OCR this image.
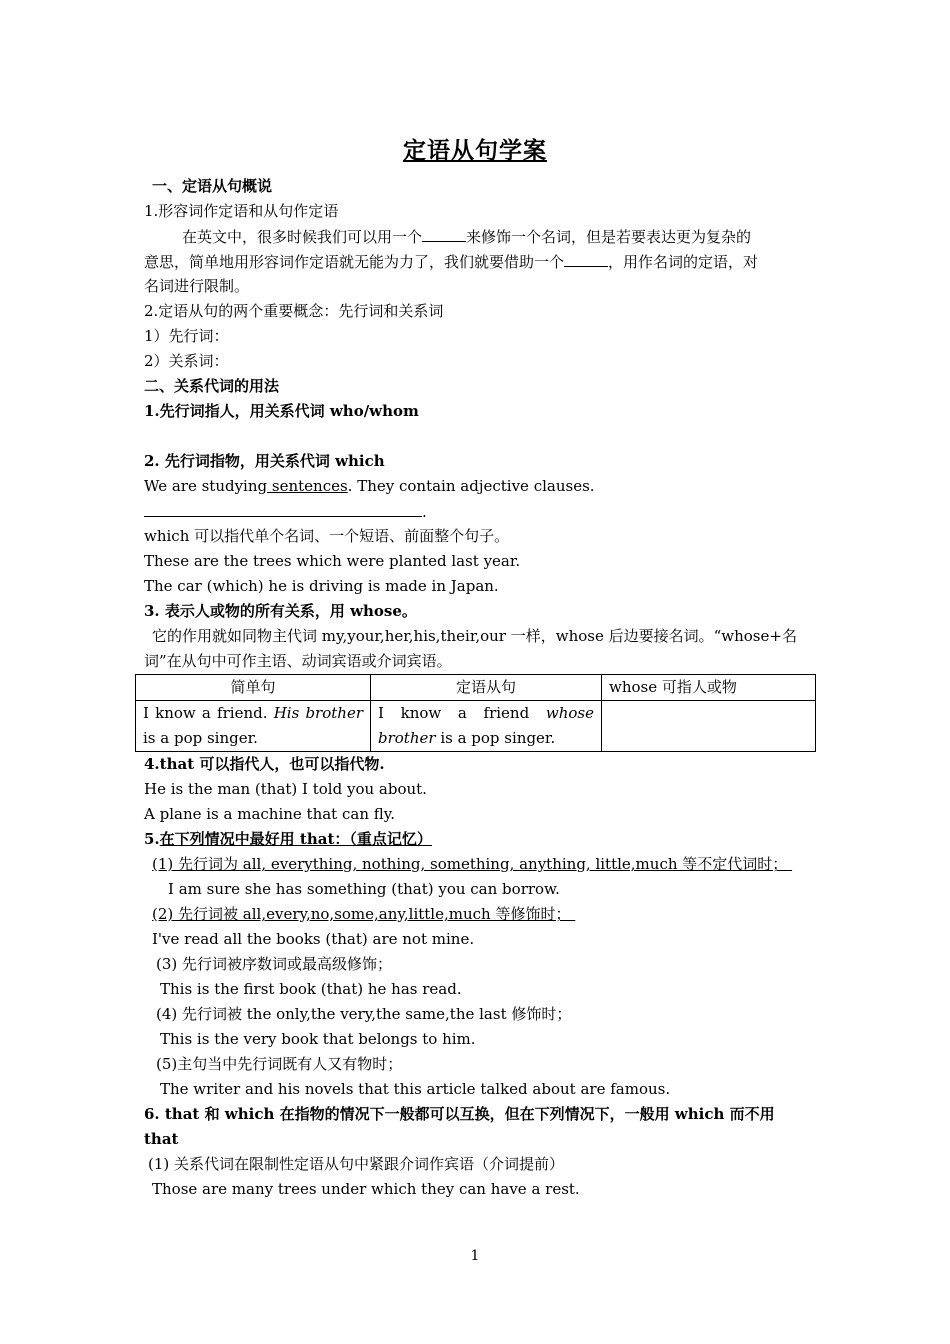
定语从句学案
一、定语从句概说
1.形容词作定语和从句作定语
在英文中，很多时候我们可以用一个	来修饰一个名词，但是若要表达更为复杂的
意思，简单地用形容词作定语就无能为力了，我们就要借助一个	，用作名词的定语，对
名词进行限制。
2.定语从句的两个重要概念：先行词和关系词
1）先行词：
2）关系词：
二、关系代词的用法
1.先行词指人，用关系代词 who/whom
2. 先行词指物，用关系代词 which
We are studying sentences. They contain adjective clauses.
.
which 可以指代单个名词、一个短语、前面整个句子。
These are the trees which were planted last year.
The car (which) he is driving is made in Japan.
3. 表示人或物的所有关系，用 whose。
它的作用就如同物主代词 my,your,her,his,their,our 一样，whose 后边要接名词。“whose+名
词”在从句中可作主语、动词宾语或介词宾语。
简单句	定语从句	whose 可指人或物
I know a friend. His brother is a pop singer.	I know a friend whose brother is a pop singer.	
4.that 可以指代人，也可以指代物.
He is the man (that) I told you about.
A plane is a machine that can fly.
5.在下列情况中最好用 that：（重点记忆）
(1) 先行词为 all, everything, nothing, something, anything, little,much 等不定代词时；
I am sure she has something (that) you can borrow.
(2) 先行词被 all,every,no,some,any,little,much 等修饰时；
I've read all the books (that) are not mine.
(3) 先行词被序数词或最高级修饰；
This is the first book (that) he has read.
(4) 先行词被 the only,the very,the same,the last 修饰时；
This is the very book that belongs to him.
(5)主句当中先行词既有人又有物时；
The writer and his novels that this article talked about are famous.
6. that 和 which 在指物的情况下一般都可以互换，但在下列情况下，一般用 which 而不用
that
(1) 关系代词在限制性定语从句中紧跟介词作宾语（介词提前）
Those are many trees under which they can have a rest.
1
